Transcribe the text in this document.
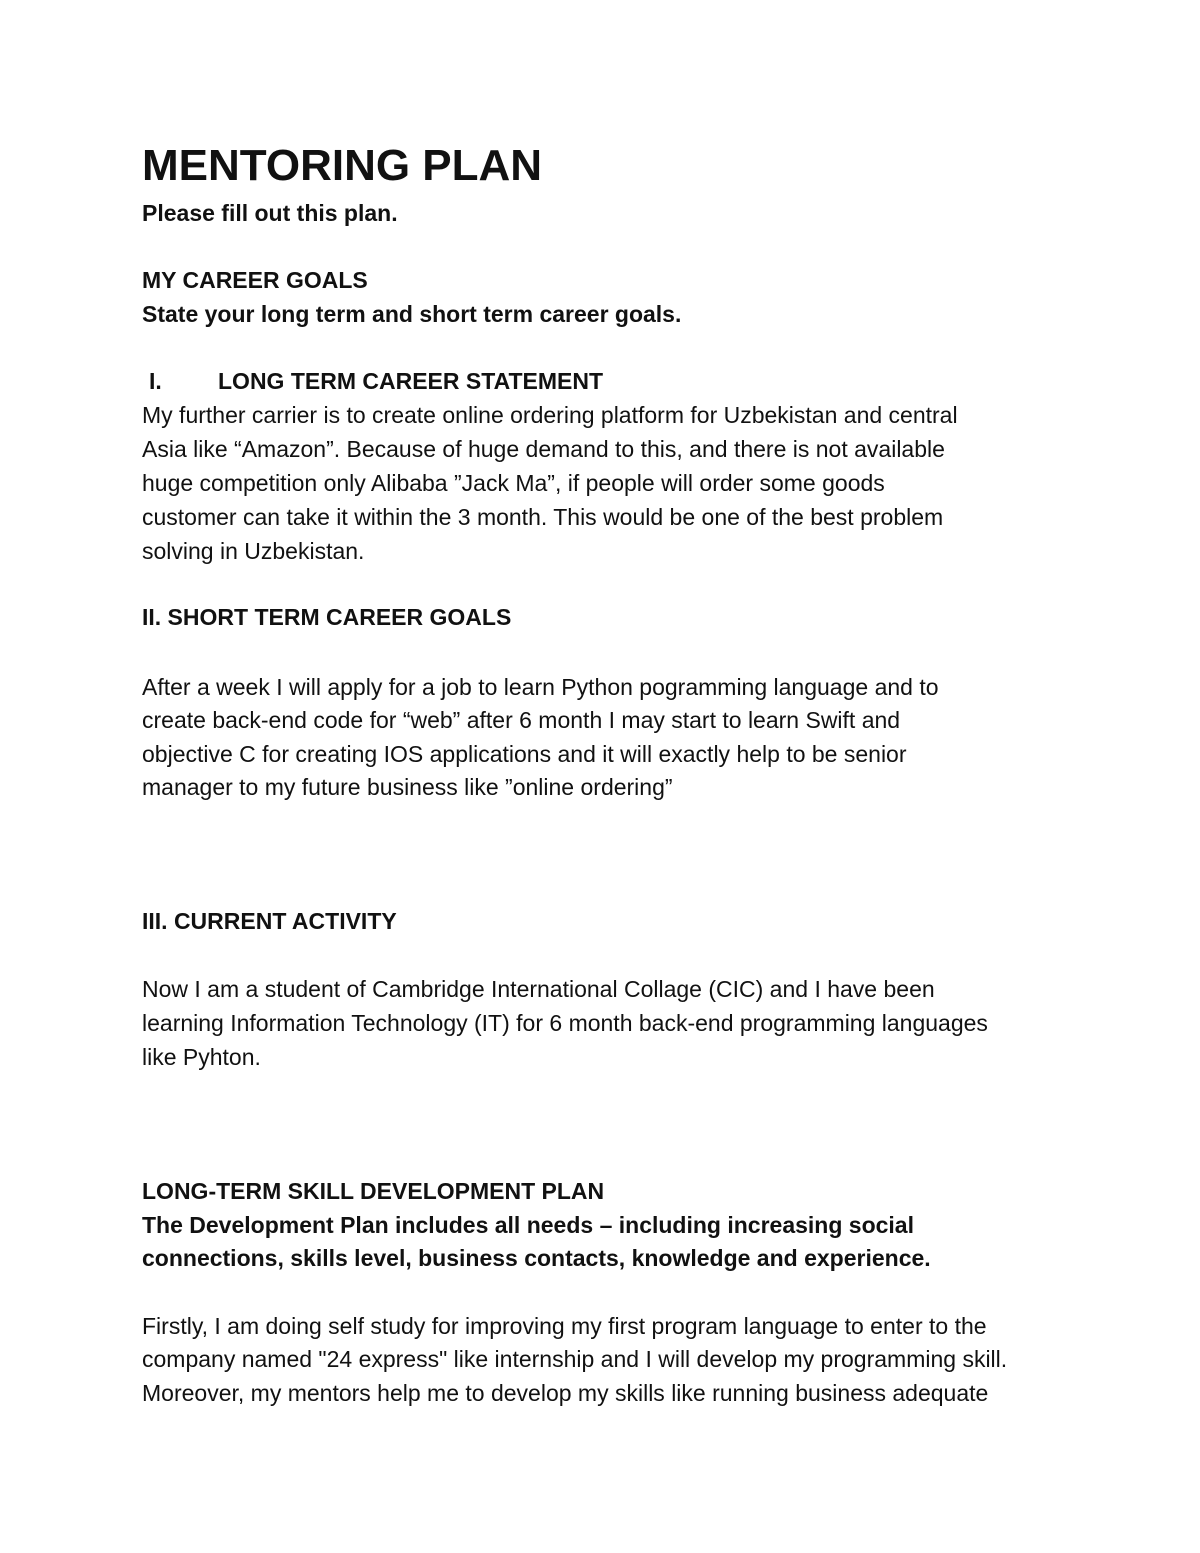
MENTORING PLAN

Please fill out this plan.

MY CAREER GOALS

State your long term and short term career goals.

I. LONG TERM CAREER STATEMENT

My further carrier is to create online ordering platform for Uzbekistan and central

Asia like “Amazon”. Because of huge demand to this, and there is not available

huge competition only Alibaba ”Jack Ma”, if people will order some goods

customer can take it within the 3 month. This would be one of the best problem

solving in Uzbekistan.

II. SHORT TERM CAREER GOALS

After a week I will apply for a job to learn Python pogramming language and to

create back-end code for “web” after 6 month I may start to learn Swift and

objective C for creating IOS applications and it will exactly help to be senior

manager to my future business like ”online ordering”

III. CURRENT ACTIVITY

Now I am a student of Cambridge International Collage (CIC) and I have been

learning Information Technology (IT) for 6 month back-end programming languages

like Pyhton.

LONG-TERM SKILL DEVELOPMENT PLAN

The Development Plan includes all needs – including increasing social

connections, skills level, business contacts, knowledge and experience.

Firstly, I am doing self study for improving my first program language to enter to the

company named "24 express" like internship and I will develop my programming skill.

Moreover, my mentors help me to develop my skills like running business adequate
